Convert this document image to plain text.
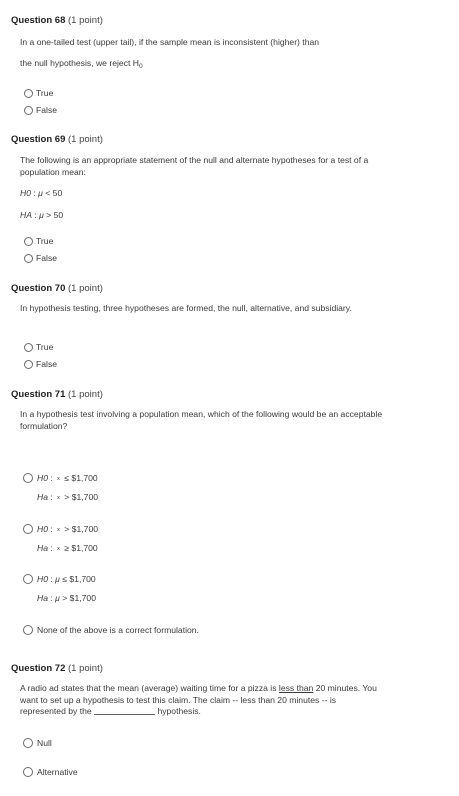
Question 68 (1 point)
In a one-tailed test (upper tail), if the sample mean is inconsistent (higher) than
the null hypothesis, we reject $H_0$
True
False
Question 69 (1 point)
The following is an appropriate statement of the null and alternate hypotheses for a test of a population mean:
H0 : μ < 50
HA : μ > 50
True
False
Question 70 (1 point)
In hypothesis testing, three hypotheses are formed, the null, alternative, and subsidiary.
True
False
Question 71 (1 point)
In a hypothesis test involving a population mean, which of the following would be an acceptable formulation?
H0 : x ≤ $1,700
Ha : x > $1,700
H0 : x > $1,700
Ha : x ≥ $1,700
H0 : μ ≤ $1,700
Ha : μ > $1,700
None of the above is a correct formulation.
Question 72 (1 point)
A radio ad states that the mean (average) waiting time for a pizza is less than 20 minutes. You want to set up a hypothesis to test this claim. The claim -- less than 20 minutes -- is represented by the	hypothesis.
Null
Alternative
